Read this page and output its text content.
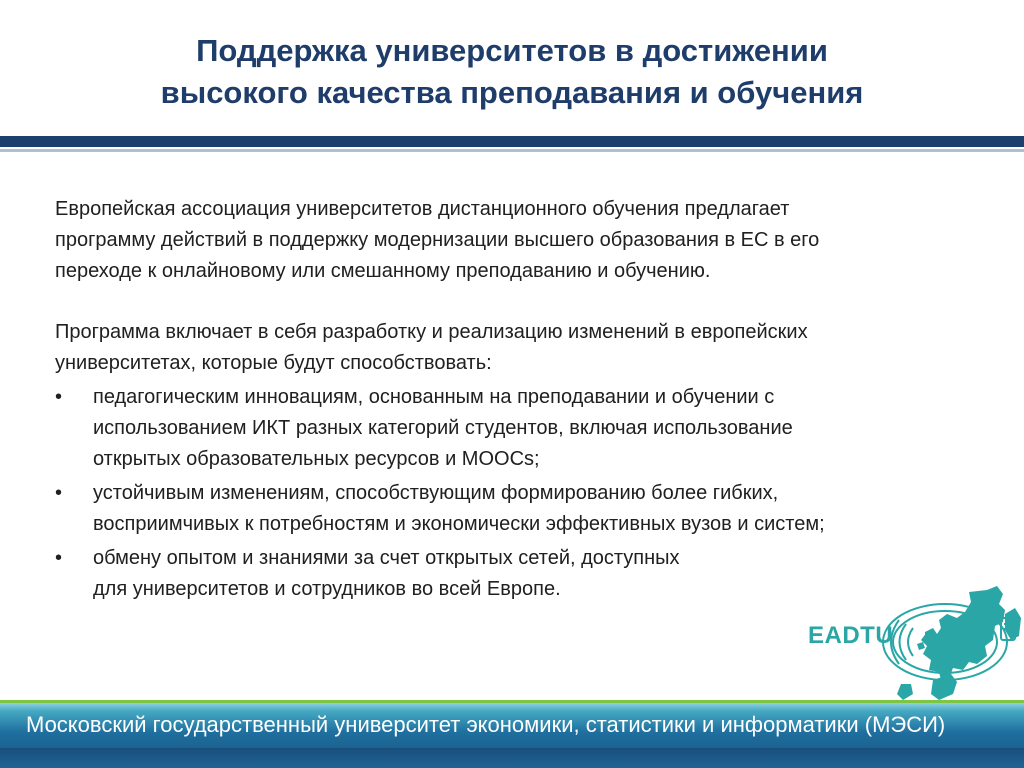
Поддержка университетов в достижении
высокого качества преподавания и обучения
Европейская ассоциация университетов дистанционного обучения предлагает
программу действий в поддержку модернизации высшего образования в ЕС в его
переходе к онлайновому или смешанному преподаванию и обучению.
Программа включает в себя разработку и реализацию изменений в европейских
университетах, которые будут способствовать:
•	педагогическим инновациям, основанным на преподавании и обучении с
использованием ИКТ разных категорий студентов, включая использование
открытых образовательных ресурсов и MOOCs;
•	устойчивым изменениям, способствующим формированию более гибких,
восприимчивых к потребностям и экономически эффективных вузов и систем;
•	обмену опытом и знаниями за счет открытых сетей, доступных
для университетов и сотрудников во всей Европе.
EADTU
Московский государственный университет экономики, статистики и информатики (МЭСИ)
